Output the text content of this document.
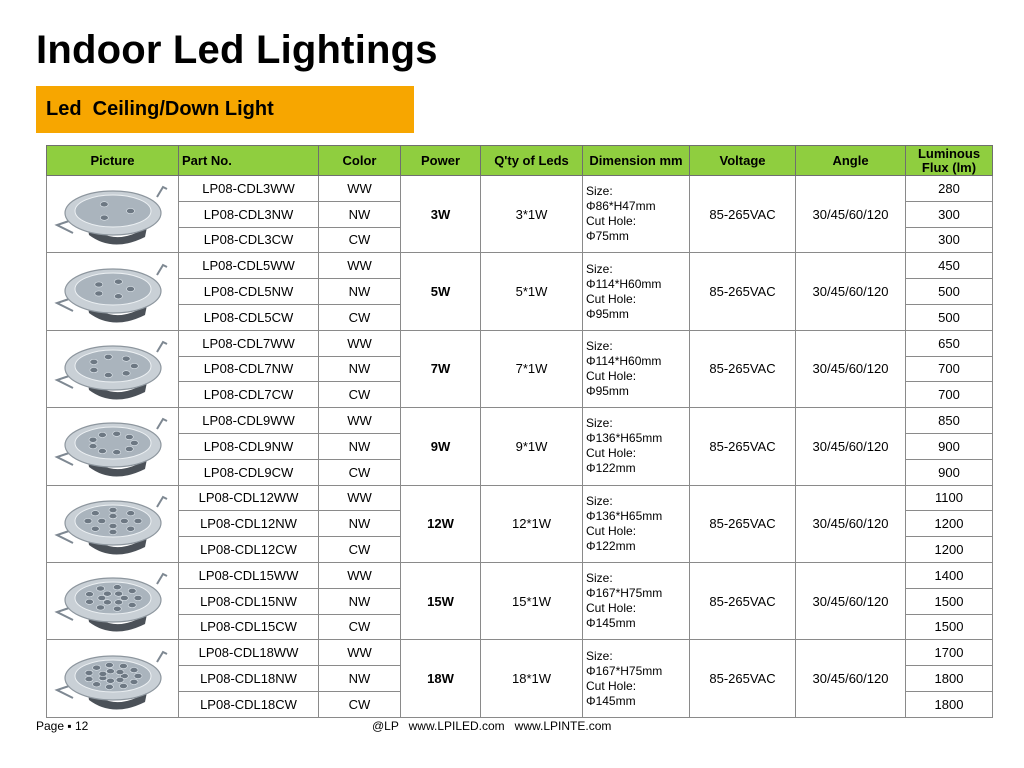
Indoor Led Lightings
Led  Ceiling/Down Light
Picture	Part No.	Color	Power	Q'ty of Leds	Dimension mm	Voltage	Angle	Luminous Flux (lm)

	LP08-CDL3WW	WW	3W	3*1W	Size:
Φ86*H47mm
Cut Hole:
Φ75mm	85-265VAC	30/45/60/120	280
	LP08-CDL3NW	NW						300
	LP08-CDL3CW	CW						300

	LP08-CDL5WW	WW	5W	5*1W	Size:
Φ114*H60mm
Cut Hole:
Φ95mm	85-265VAC	30/45/60/120	450
	LP08-CDL5NW	NW						500
	LP08-CDL5CW	CW						500

	LP08-CDL7WW	WW	7W	7*1W	Size:
Φ114*H60mm
Cut Hole:
Φ95mm	85-265VAC	30/45/60/120	650
	LP08-CDL7NW	NW						700
	LP08-CDL7CW	CW						700

	LP08-CDL9WW	WW	9W	9*1W	Size:
Φ136*H65mm
Cut Hole:
Φ122mm	85-265VAC	30/45/60/120	850
	LP08-CDL9NW	NW						900
	LP08-CDL9CW	CW						900

	LP08-CDL12WW	WW	12W	12*1W	Size:
Φ136*H65mm
Cut Hole:
Φ122mm	85-265VAC	30/45/60/120	1100
	LP08-CDL12NW	NW						1200
	LP08-CDL12CW	CW						1200

	LP08-CDL15WW	WW	15W	15*1W	Size:
Φ167*H75mm
Cut Hole:
Φ145mm	85-265VAC	30/45/60/120	1400
	LP08-CDL15NW	NW						1500
	LP08-CDL15CW	CW						1500

	LP08-CDL18WW	WW	18W	18*1W	Size:
Φ167*H75mm
Cut Hole:
Φ145mm	85-265VAC	30/45/60/120	1700
	LP08-CDL18NW	NW						1800
	LP08-CDL18CW	CW						1800
Page ▪ 12	@LP   www.LPILED.com   www.LPINTE.com
